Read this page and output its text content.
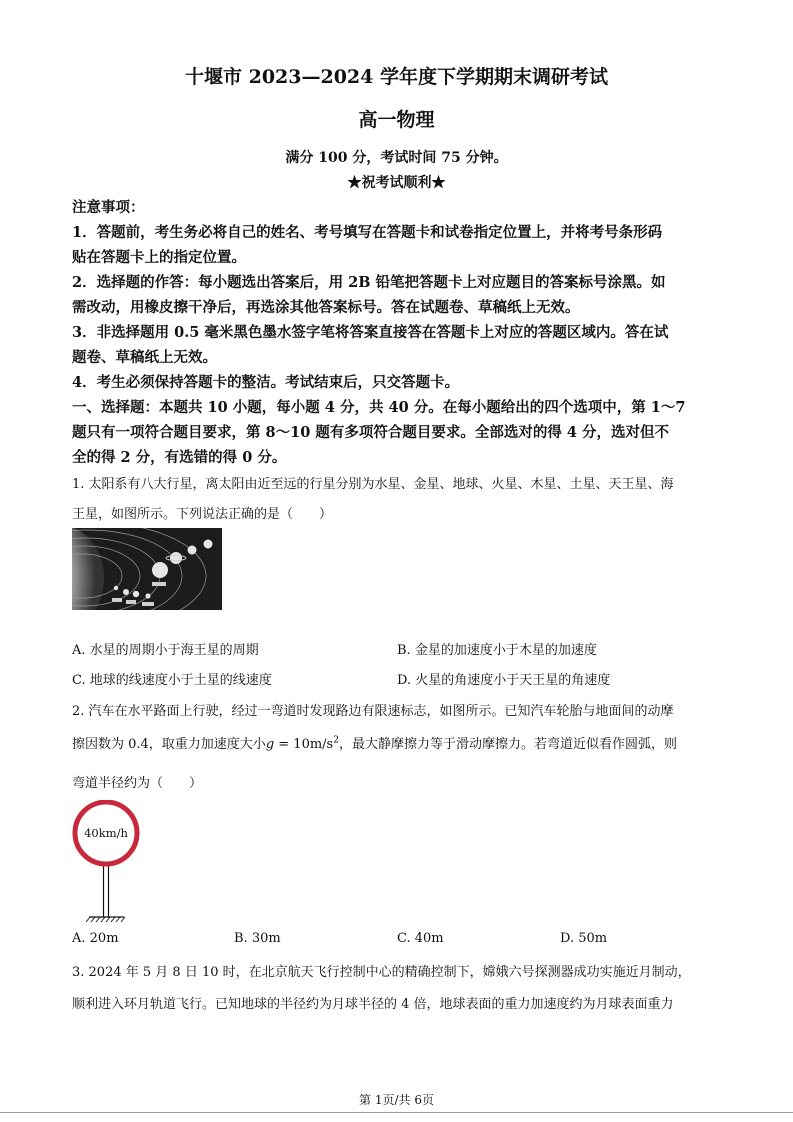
十堰市 2023—2024 学年度下学期期末调研考试
高一物理
满分 100 分，考试时间 75 分钟。
★祝考试顺利★
注意事项：
1．答题前，考生务必将自己的姓名、考号填写在答题卡和试卷指定位置上，并将考号条形码
贴在答题卡上的指定位置。
2．选择题的作答：每小题选出答案后，用 2B 铅笔把答题卡上对应题目的答案标号涂黑。如
需改动，用橡皮擦干净后，再选涂其他答案标号。答在试题卷、草稿纸上无效。
3．非选择题用 0.5 毫米黑色墨水签字笔将答案直接答在答题卡上对应的答题区域内。答在试
题卷、草稿纸上无效。
4．考生必须保持答题卡的整洁。考试结束后，只交答题卡。
一、选择题：本题共 10 小题，每小题 4 分，共 40 分。在每小题给出的四个选项中，第 1～7
题只有一项符合题目要求，第 8～10 题有多项符合题目要求。全部选对的得 4 分，选对但不
全的得 2 分，有选错的得 0 分。
1. 太阳系有八大行星，离太阳由近至远的行星分别为水星、金星、地球、火星、木星、土星、天王星、海
王星，如图所示。下列说法正确的是（　　）
A. 水星的周期小于海王星的周期	B. 金星的加速度小于木星的加速度
C. 地球的线速度小于土星的线速度	D. 火星的角速度小于天王星的角速度
2. 汽车在水平路面上行驶，经过一弯道时发现路边有限速标志，如图所示。已知汽车轮胎与地面间的动摩
擦因数为 0.4，取重力加速度大小$g = 10m/s^2$，最大静摩擦力等于滑动摩擦力。若弯道近似看作圆弧，则
弯道半径约为（　　）
40km/h
A. 20m	B. 30m	C. 40m	D. 50m
3. 2024 年 5 月 8 日 10 时，在北京航天飞行控制中心的精确控制下，嫦娥六号探测器成功实施近月制动，
顺利进入环月轨道飞行。已知地球的半径约为月球半径的 4 倍，地球表面的重力加速度约为月球表面重力
第 1页/共 6页
